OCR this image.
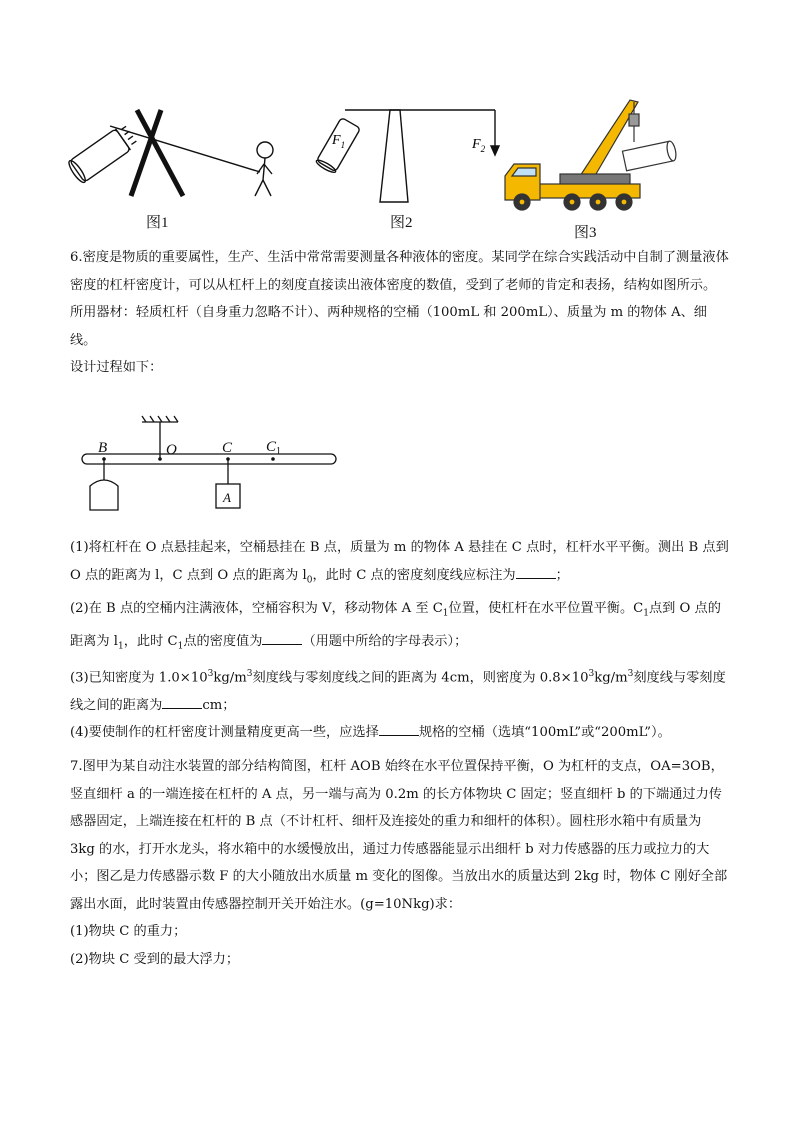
图1
$F_1$	$F_2$
图2
图3

6.密度是物质的重要属性，生产、生活中常常需要测量各种液体的密度。某同学在综合实践活动中自制了测量液体密度的杠杆密度计，可以从杠杆上的刻度直接读出液体密度的数值，受到了老师的肯定和表扬，结构如图所示。

所用器材：轻质杠杆（自身重力忽略不计）、两种规格的空桶（100mL 和 200mL）、质量为 m 的物体 A、细线。

设计过程如下：

B	O	C $C_1$
A

(1)将杠杆在 O 点悬挂起来，空桶悬挂在 B 点，质量为 m 的物体 A 悬挂在 C 点时，杠杆水平平衡。测出 B 点到 O 点的距离为 l，C 点到 O 点的距离为 $l_0$，此时 C 点的密度刻度线应标注为	；

(2)在 B 点的空桶内注满液体，空桶容积为 V，移动物体 A 至 $C_1$位置，使杠杆在水平位置平衡。$C_1$点到 O 点的距离为 $l_1$，此时 $C_1$点的密度值为	（用题中所给的字母表示）；

(3)已知密度为 $1.0\times 10^3kg/m^3$刻度线与零刻度线之间的距离为 4cm，则密度为 $0.8\times 10^3kg/m^3$刻度线与零刻度线之间的距离为	cm；

(4)要使制作的杠杆密度计测量精度更高一些，应选择	规格的空桶（选填“100mL”或“200mL”）。

7.图甲为某自动注水装置的部分结构简图，杠杆 AOB 始终在水平位置保持平衡，O 为杠杆的支点，OA=3OB，竖直细杆 a 的一端连接在杠杆的 A 点，另一端与高为 0.2m 的长方体物块 C 固定；竖直细杆 b 的下端通过力传感器固定，上端连接在杠杆的 B 点（不计杠杆、细杆及连接处的重力和细杆的体积）。圆柱形水箱中有质量为 3kg 的水，打开水龙头，将水箱中的水缓慢放出，通过力传感器能显示出细杆 b 对力传感器的压力或拉力的大小；图乙是力传感器示数 F 的大小随放出水质量 m 变化的图像。当放出水的质量达到 2kg 时，物体 C 刚好全部露出水面，此时装置由传感器控制开关开始注水。(g=10Nkg)求：

(1)物块 C 的重力；

(2)物块 C 受到的最大浮力；
